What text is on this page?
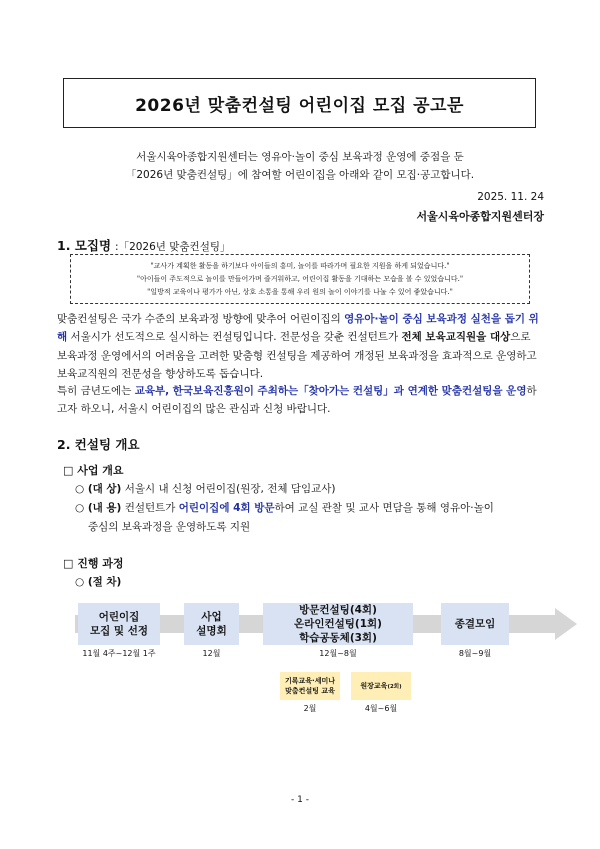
2026년 맞춤컨설팅 어린이집 모집 공고문
서울시육아종합지원센터는 영유아·놀이 중심 보육과정 운영에 중점을 둔
「2026년 맞춤컨설팅」에 참여할 어린이집을 아래와 같이 모집·공고합니다.
2025. 11. 24
서울시육아종합지원센터장
1. 모집명 :「2026년 맞춤컨설팅」
"교사가 계획한 활동을 하기보다 아이들의 흥미, 놀이를 따라가며 필요한 지원을 하게 되었습니다."
"아이들이 주도적으로 놀이를 만들어가며 즐거워하고, 어린이집 활동을 기대하는 모습을 볼 수 있었습니다."
"일방적 교육이나 평가가 아닌, 상호 소통을 통해 우리 원의 놀이 이야기를 나눌 수 있어 좋았습니다."
맞춤컨설팅은 국가 수준의 보육과정 방향에 맞추어 어린이집의 영유아·놀이 중심 보육과정 실천을 돕기 위해 서울시가 선도적으로 실시하는 컨설팅입니다. 전문성을 갖춘 컨설턴트가 전체 보육교직원을 대상으로 보육과정 운영에서의 어려움을 고려한 맞춤형 컨설팅을 제공하여 개정된 보육과정을 효과적으로 운영하고 보육교직원의 전문성을 향상하도록 돕습니다.
특히 금년도에는 교육부, 한국보육진흥원이 주최하는「찾아가는 컨설팅」과 연계한 맞춤컨설팅을 운영하고자 하오니, 서울시 어린이집의 많은 관심과 신청 바랍니다.
2. 컨설팅 개요
□ 사업 개요
○ (대 상) 서울시 내 신청 어린이집(원장, 전체 담임교사)
○ (내 용) 컨설턴트가 어린이집에 4회 방문하여 교실 관찰 및 교사 면담을 통해 영유아·놀이
중심의 보육과정을 운영하도록 지원
□ 진행 과정
○ (절 차)
어린이집
모집 및 선정
사업
설명회
방문컨설팅(4회)
온라인컨설팅(1회)
학습공동체(3회)
종결모임
11월 4주~12월 1주	12월	12월~8월	8월~9월
기록교육·세미나
맞춤컨설팅 교육
원장교육(2회)
2월	4월~6월
- 1 -
